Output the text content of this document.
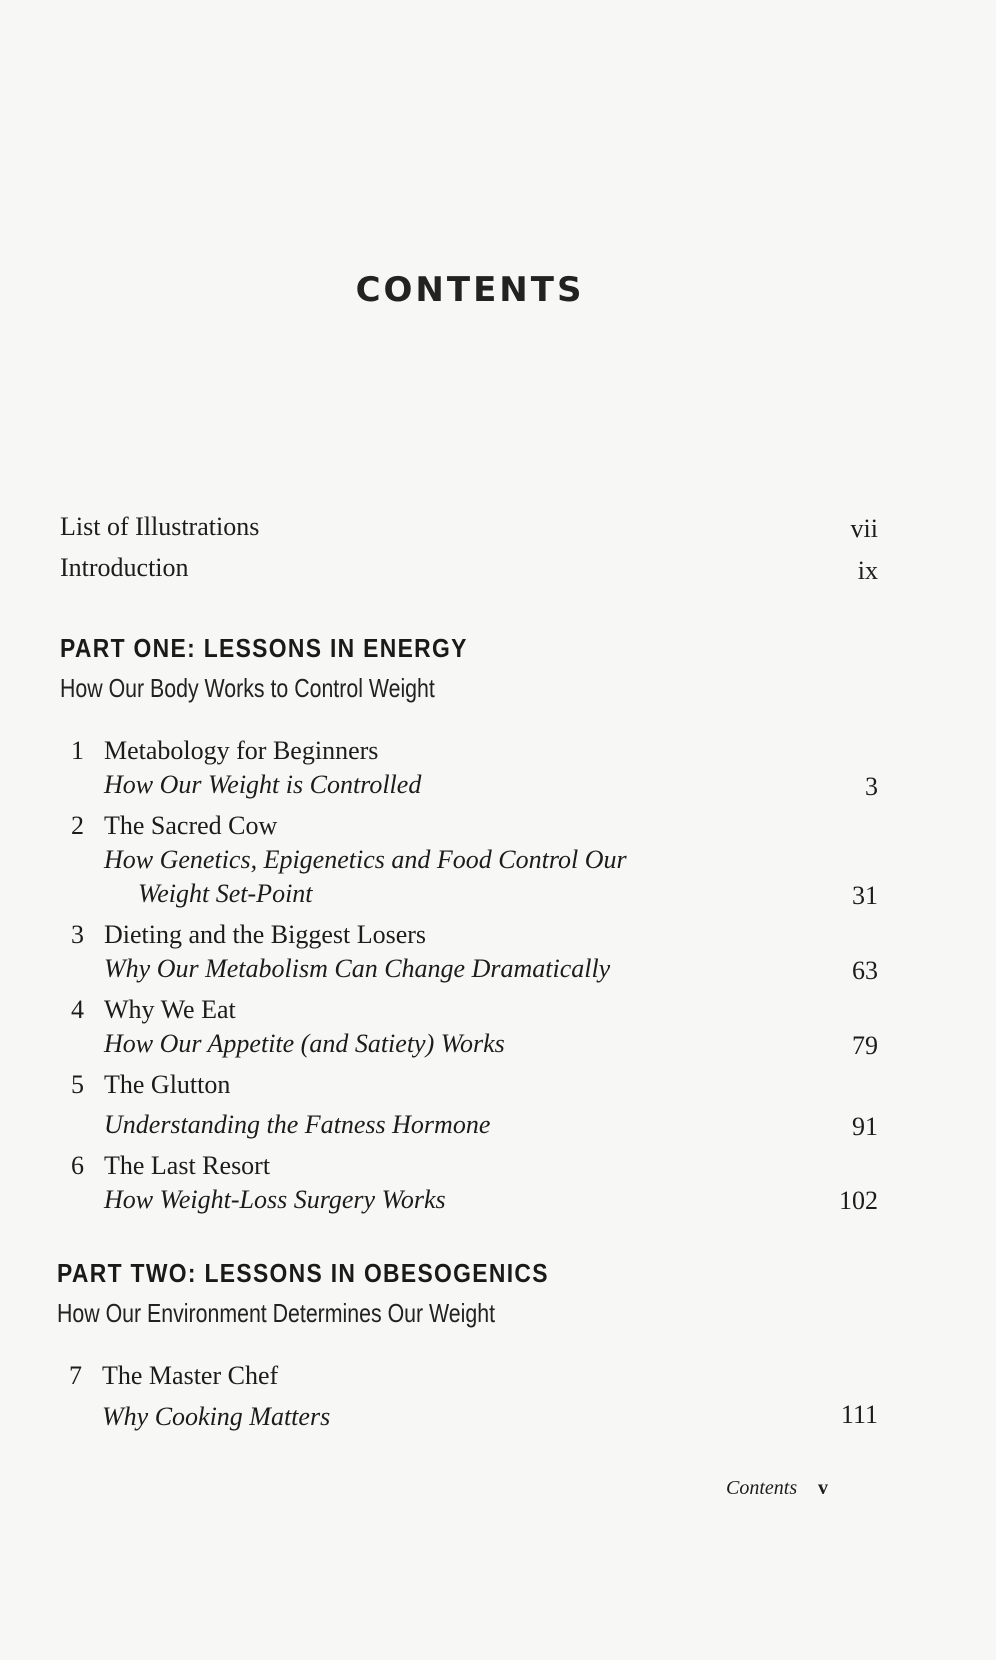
CONTENTS
List of Illustrations	vii
Introduction	ix
PART ONE: LESSONS IN ENERGY
How Our Body Works to Control Weight
1 Metabology for Beginners
How Our Weight is Controlled	3
2 The Sacred Cow
How Genetics, Epigenetics and Food Control Our
Weight Set-Point	31
3 Dieting and the Biggest Losers
Why Our Metabolism Can Change Dramatically	63
4 Why We Eat
How Our Appetite (and Satiety) Works	79
5 The Glutton
Understanding the Fatness Hormone	91
6 The Last Resort
How Weight-Loss Surgery Works	102
PART TWO: LESSONS IN OBESOGENICS
How Our Environment Determines Our Weight
7 The Master Chef
Why Cooking Matters	111
Contents v
